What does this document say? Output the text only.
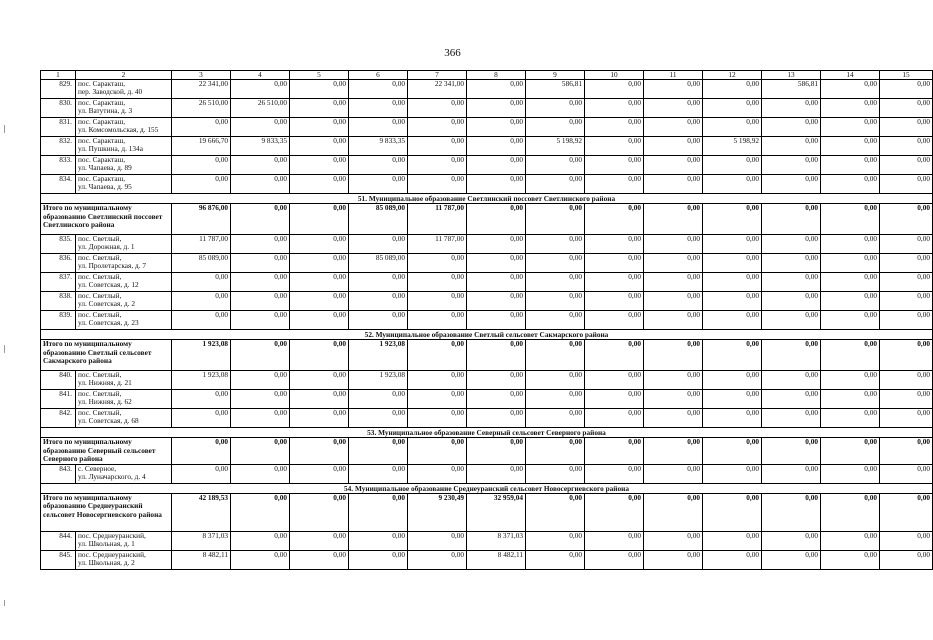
366
1	2	3	4	5	6	7	8	9	10	11	12	13	14	15
829.	пос. Саракташ,
пер. Заводской, д. 40	22 341,00	0,00	0,00	0,00	22 341,00	0,00	586,81	0,00	0,00	0,00	586,81	0,00	0,00
830.	пос. Саракташ,
ул. Ватутина, д. 3	26 510,00	26 510,00	0,00	0,00	0,00	0,00	0,00	0,00	0,00	0,00	0,00	0,00	0,00
831.	пос. Саракташ,
ул. Комсомольская, д. 155	0,00	0,00	0,00	0,00	0,00	0,00	0,00	0,00	0,00	0,00	0,00	0,00	0,00
832.	пос. Саракташ,
ул. Пушкина, д. 134а	19 666,70	9 833,35	0,00	9 833,35	0,00	0,00	5 198,92	0,00	0,00	5 198,92	0,00	0,00	0,00
833.	пос. Саракташ,
ул. Чапаева, д. 89	0,00	0,00	0,00	0,00	0,00	0,00	0,00	0,00	0,00	0,00	0,00	0,00	0,00
834.	пос. Саракташ,
ул. Чапаева, д. 95	0,00	0,00	0,00	0,00	0,00	0,00	0,00	0,00	0,00	0,00	0,00	0,00	0,00
51. Муниципальное образование Светлинский поссовет Светлинского района														
Итого по муниципальному образованию Светлинский поссовет Светлинского района		96 876,00	0,00	0,00	85 089,00	11 787,00	0,00	0,00	0,00	0,00	0,00	0,00	0,00	0,00
835.	пос. Светлый,
ул. Дорожная, д. 1	11 787,00	0,00	0,00	0,00	11 787,00	0,00	0,00	0,00	0,00	0,00	0,00	0,00	0,00
836.	пос. Светлый,
ул. Пролетарская, д. 7	85 089,00	0,00	0,00	85 089,00	0,00	0,00	0,00	0,00	0,00	0,00	0,00	0,00	0,00
837.	пос. Светлый,
ул. Советская, д. 12	0,00	0,00	0,00	0,00	0,00	0,00	0,00	0,00	0,00	0,00	0,00	0,00	0,00
838.	пос. Светлый,
ул. Советская, д. 2	0,00	0,00	0,00	0,00	0,00	0,00	0,00	0,00	0,00	0,00	0,00	0,00	0,00
839.	пос. Светлый,
ул. Советская, д. 23	0,00	0,00	0,00	0,00	0,00	0,00	0,00	0,00	0,00	0,00	0,00	0,00	0,00
52. Муниципальное образование Светлый сельсовет Сакмарского района														
Итого по муниципальному образованию Светлый сельсовет Сакмарского района		1 923,08	0,00	0,00	1 923,08	0,00	0,00	0,00	0,00	0,00	0,00	0,00	0,00	0,00
840.	пос. Светлый,
ул. Нижняя, д. 21	1 923,08	0,00	0,00	1 923,08	0,00	0,00	0,00	0,00	0,00	0,00	0,00	0,00	0,00
841.	пос. Светлый,
ул. Нижняя, д. 62	0,00	0,00	0,00	0,00	0,00	0,00	0,00	0,00	0,00	0,00	0,00	0,00	0,00
842.	пос. Светлый,
ул. Советская, д. 68	0,00	0,00	0,00	0,00	0,00	0,00	0,00	0,00	0,00	0,00	0,00	0,00	0,00
53. Муниципальное образование Северный сельсовет Северного района														
Итого по муниципальному образованию Северный сельсовет Северного района		0,00	0,00	0,00	0,00	0,00	0,00	0,00	0,00	0,00	0,00	0,00	0,00	0,00
843.	с. Северное,
ул. Луначарского, д. 4	0,00	0,00	0,00	0,00	0,00	0,00	0,00	0,00	0,00	0,00	0,00	0,00	0,00
54. Муниципальное образование Среднеуранский сельсовет Новосергиевского района														
Итого по муниципальному образованию Среднеуранский сельсовет Новосергиевского района		42 189,53	0,00	0,00	0,00	9 230,49	32 959,04	0,00	0,00	0,00	0,00	0,00	0,00	0,00
844.	пос. Среднеуранский,
ул. Школьная, д. 1	8 371,03	0,00	0,00	0,00	0,00	8 371,03	0,00	0,00	0,00	0,00	0,00	0,00	0,00
845.	пос. Среднеуранский,
ул. Школьная, д. 2	8 482,11	0,00	0,00	0,00	0,00	8 482,11	0,00	0,00	0,00	0,00	0,00	0,00	0,00
